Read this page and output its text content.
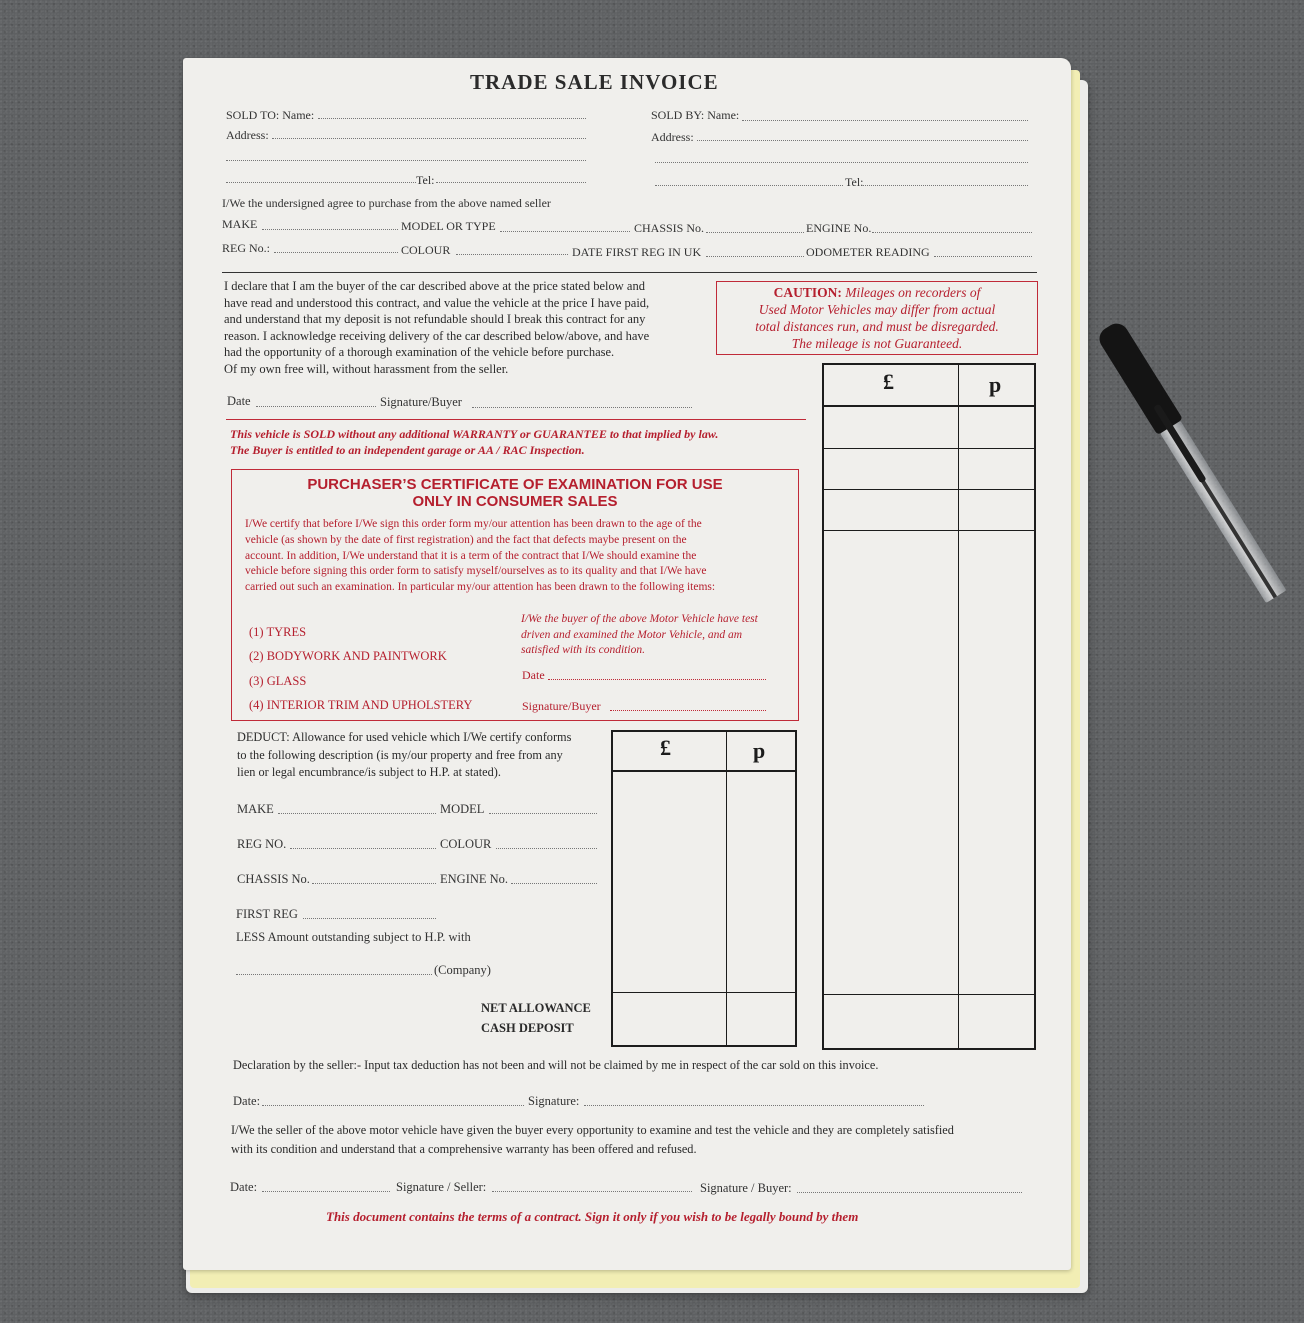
TRADE SALE INVOICE
SOLD TO: Name:
Address:
Tel:
SOLD BY: Name:
Address:
Tel:
I/We the undersigned agree to purchase from the above named seller
MAKE	MODEL OR TYPE	CHASSIS No.	ENGINE No.
REG No.:	COLOUR	DATE FIRST REG IN UK	ODOMETER READING
I declare that I am the buyer of the car described above at the price stated below and
have read and understood this contract, and value the vehicle at the price I have paid,
and understand that my deposit is not refundable should I break this contract for any
reason. I acknowledge receiving delivery of the car described below/above, and have
had the opportunity of a thorough examination of the vehicle before purchase.
Of my own free will, without harassment from the seller.
CAUTION: Mileages on recorders of
Used Motor Vehicles may differ from actual
total distances run, and must be disregarded.
The mileage is not Guaranteed.
Date	Signature/Buyer
This vehicle is SOLD without any additional WARRANTY or GUARANTEE to that implied by law.
The Buyer is entitled to an independent garage or AA / RAC Inspection.
£	p
PURCHASER’S CERTIFICATE OF EXAMINATION FOR USE
ONLY IN CONSUMER SALES
I/We certify that before I/We sign this order form my/our attention has been drawn to the age of the
vehicle (as shown by the date of first registration) and the fact that defects maybe present on the
account. In addition, I/We understand that it is a term of the contract that I/We should examine the
vehicle before signing this order form to satisfy myself/ourselves as to its quality and that I/We have
carried out such an examination. In particular my/our attention has been drawn to the following items:
(1) TYRES
(2) BODYWORK AND PAINTWORK
(3) GLASS
(4) INTERIOR TRIM AND UPHOLSTERY
I/We the buyer of the above Motor Vehicle have test
driven and examined the Motor Vehicle, and am
satisfied with its condition.
Date
Signature/Buyer
DEDUCT: Allowance for used vehicle which I/We certify conforms
to the following description (is my/our property and free from any
lien or legal encumbrance/is subject to H.P. at stated).
MAKE	MODEL
REG NO.	COLOUR
CHASSIS No.	ENGINE No.
FIRST REG
LESS Amount outstanding subject to H.P. with
(Company)
NET ALLOWANCE
CASH DEPOSIT
£	p
Declaration by the seller:- Input tax deduction has not been and will not be claimed by me in respect of the car sold on this invoice.
Date:	Signature:
I/We the seller of the above motor vehicle have given the buyer every opportunity to examine and test the vehicle and they are completely satisfied
with its condition and understand that a comprehensive warranty has been offered and refused.
Date:	Signature / Seller:	Signature / Buyer:
This document contains the terms of a contract. Sign it only if you wish to be legally bound by them
